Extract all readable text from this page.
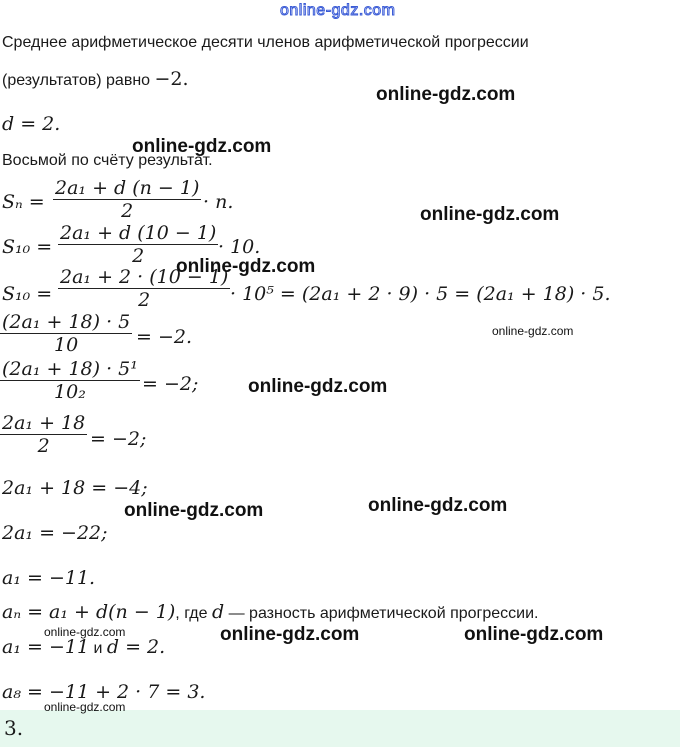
online-gdz.com
Среднее арифметическое десяти членов арифметической прогрессии
(результатов) равно −2.
d = 2.
Восьмой по счёту результат.
Sₙ =
2a₁ + d (n − 1)
2	· n.
S₁₀ =
2a₁ + d (10 − 1)
2	· 10.
S₁₀ =
2a₁ + 2 · (10 − 1)
2	· 10⁵ = (2a₁ + 2 · 9) · 5 = (2a₁ + 18) · 5.
(2a₁ + 18) · 5
10	= −2.
(2a₁ + 18) · 5¹
10₂	= −2;
2a₁ + 18
2 = −2;
2a₁ + 18 = −4;
2a₁ = −22;
a₁ = −11.
aₙ = a₁ + d(n − 1), где d — разность арифметической прогрессии.
a₁ = −11 и d = 2.
a₈ = −11 + 2 · 7 = 3.
3.
online-gdz.com
online-gdz.com
online-gdz.com
online-gdz.com
online-gdz.com
online-gdz.com
online-gdz.com
online-gdz.com
online-gdz.com	online-gdz.com	online-gdz.com
online-gdz.com
